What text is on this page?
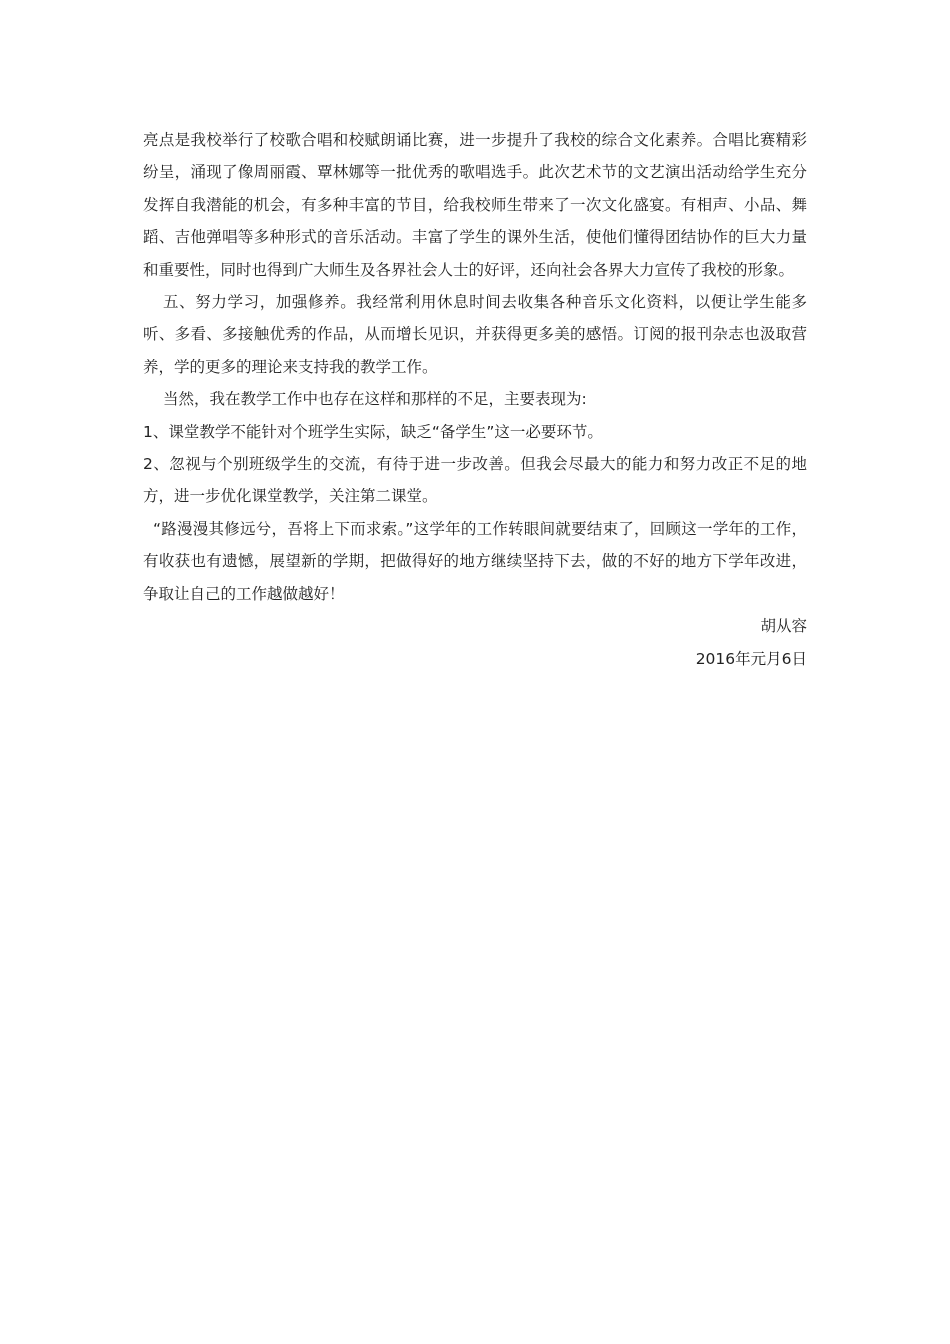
亮点是我校举行了校歌合唱和校赋朗诵比赛，进一步提升了我校的综合文化素养。合唱比赛精彩纷呈，涌现了像周丽霞、覃林娜等一批优秀的歌唱选手。此次艺术节的文艺演出活动给学生充分发挥自我潜能的机会，有多种丰富的节目，给我校师生带来了一次文化盛宴。有相声、小品、舞蹈、吉他弹唱等多种形式的音乐活动。丰富了学生的课外生活，使他们懂得团结协作的巨大力量和重要性，同时也得到广大师生及各界社会人士的好评，还向社会各界大力宣传了我校的形象。

五、努力学习，加强修养。我经常利用休息时间去收集各种音乐文化资料，以便让学生能多听、多看、多接触优秀的作品，从而增长见识，并获得更多美的感悟。订阅的报刊杂志也汲取营养，学的更多的理论来支持我的教学工作。

当然，我在教学工作中也存在这样和那样的不足，主要表现为:

1、课堂教学不能针对个班学生实际，缺乏“备学生”这一必要环节。

2、忽视与个别班级学生的交流，有待于进一步改善。但我会尽最大的能力和努力改正不足的地方，进一步优化课堂教学，关注第二课堂。

“路漫漫其修远兮，吾将上下而求索。”这学年的工作转眼间就要结束了，回顾这一学年的工作，有收获也有遗憾，展望新的学期，把做得好的地方继续坚持下去，做的不好的地方下学年改进，争取让自己的工作越做越好！

胡从容

2016年元月6日
